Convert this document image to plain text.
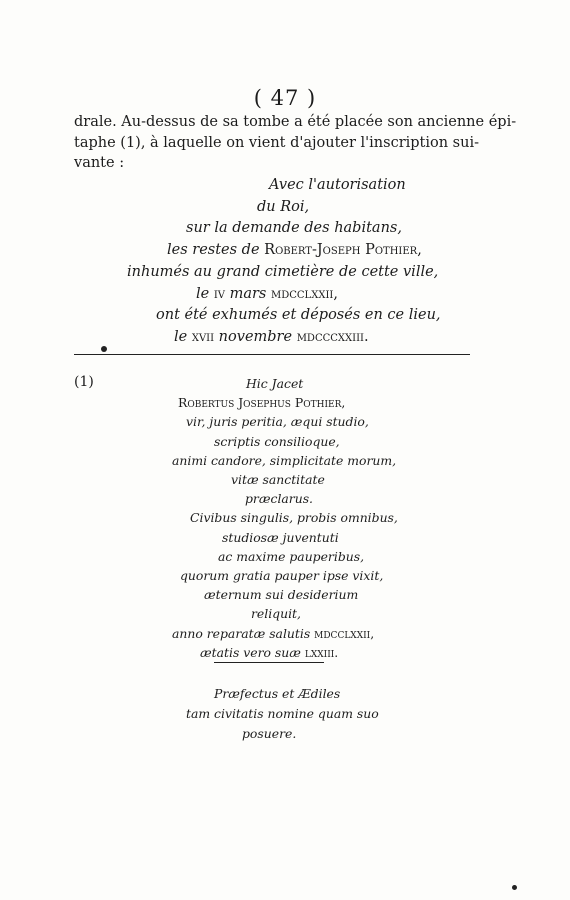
( 47 )
drale. Au-dessus de sa tombe a été placée son ancienne épi-
taphe (1), à laquelle on vient d'ajouter l'inscription sui-
vante :
Avec l'autorisation
du Roi,
sur la demande des habitans,
les restes de Robert-Joseph Pothier,
inhumés au grand cimetière de cette ville,
le iv mars mdcclxxii,
ont été exhumés et déposés en ce lieu,
le xvii novembre mdcccxxiii.
(1)	Hic Jacet
Robertus Josephus Pothier,
vir, juris peritia, æqui studio,
scriptis consilioque,
animi candore, simplicitate morum,
vitæ sanctitate
præclarus.
Civibus singulis, probis omnibus,
studiosæ juventuti
ac maxime pauperibus,
quorum gratia pauper ipse vixit,
æternum sui desiderium
reliquit,
anno reparatæ salutis mdcclxxii,
ætatis vero suæ lxxiii.
Præfectus et Ædiles
tam civitatis nomine quam suo
posuere.
